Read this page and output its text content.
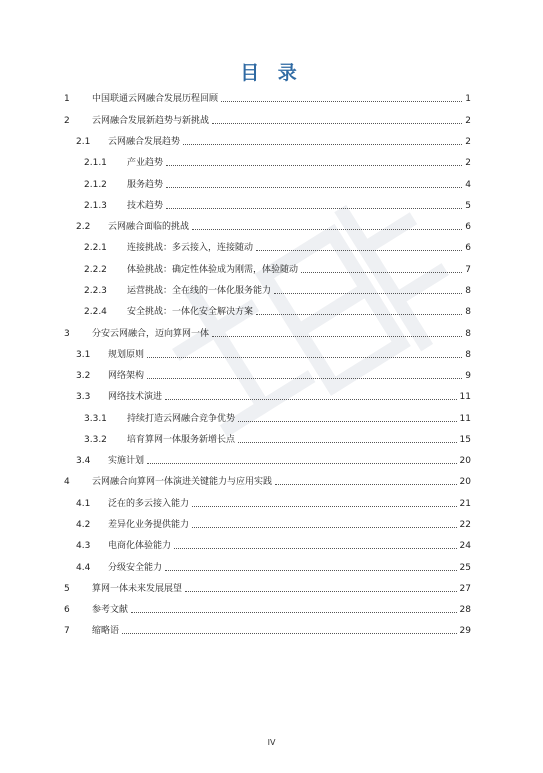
目 录
1	中国联通云网融合发展历程回顾	1
2	云网融合发展新趋势与新挑战	2
2.1	云网融合发展趋势	2
2.1.1	产业趋势	2
2.1.2	服务趋势	4
2.1.3	技术趋势	5
2.2	云网融合面临的挑战	6
2.2.1	连接挑战：多云接入，连接随动	6
2.2.2	体验挑战：确定性体验成为刚需，体验随动	7
2.2.3	运营挑战：全在线的一体化服务能力	8
2.2.4	安全挑战：一体化安全解决方案	8
3	分安云网融合，迈向算网一体	8
3.1	规划原则	8
3.2	网络架构	9
3.3	网络技术演进	11
3.3.1	持续打造云网融合竞争优势	11
3.3.2	培育算网一体服务新增长点	15
3.4	实施计划	20
4	云网融合向算网一体演进关键能力与应用实践	20
4.1	泛在的多云接入能力	21
4.2	差异化业务提供能力	22
4.3	电商化体验能力	24
4.4	分级安全能力	25
5	算网一体未来发展展望	27
6	参考文献	28
7	缩略语	29
IV
